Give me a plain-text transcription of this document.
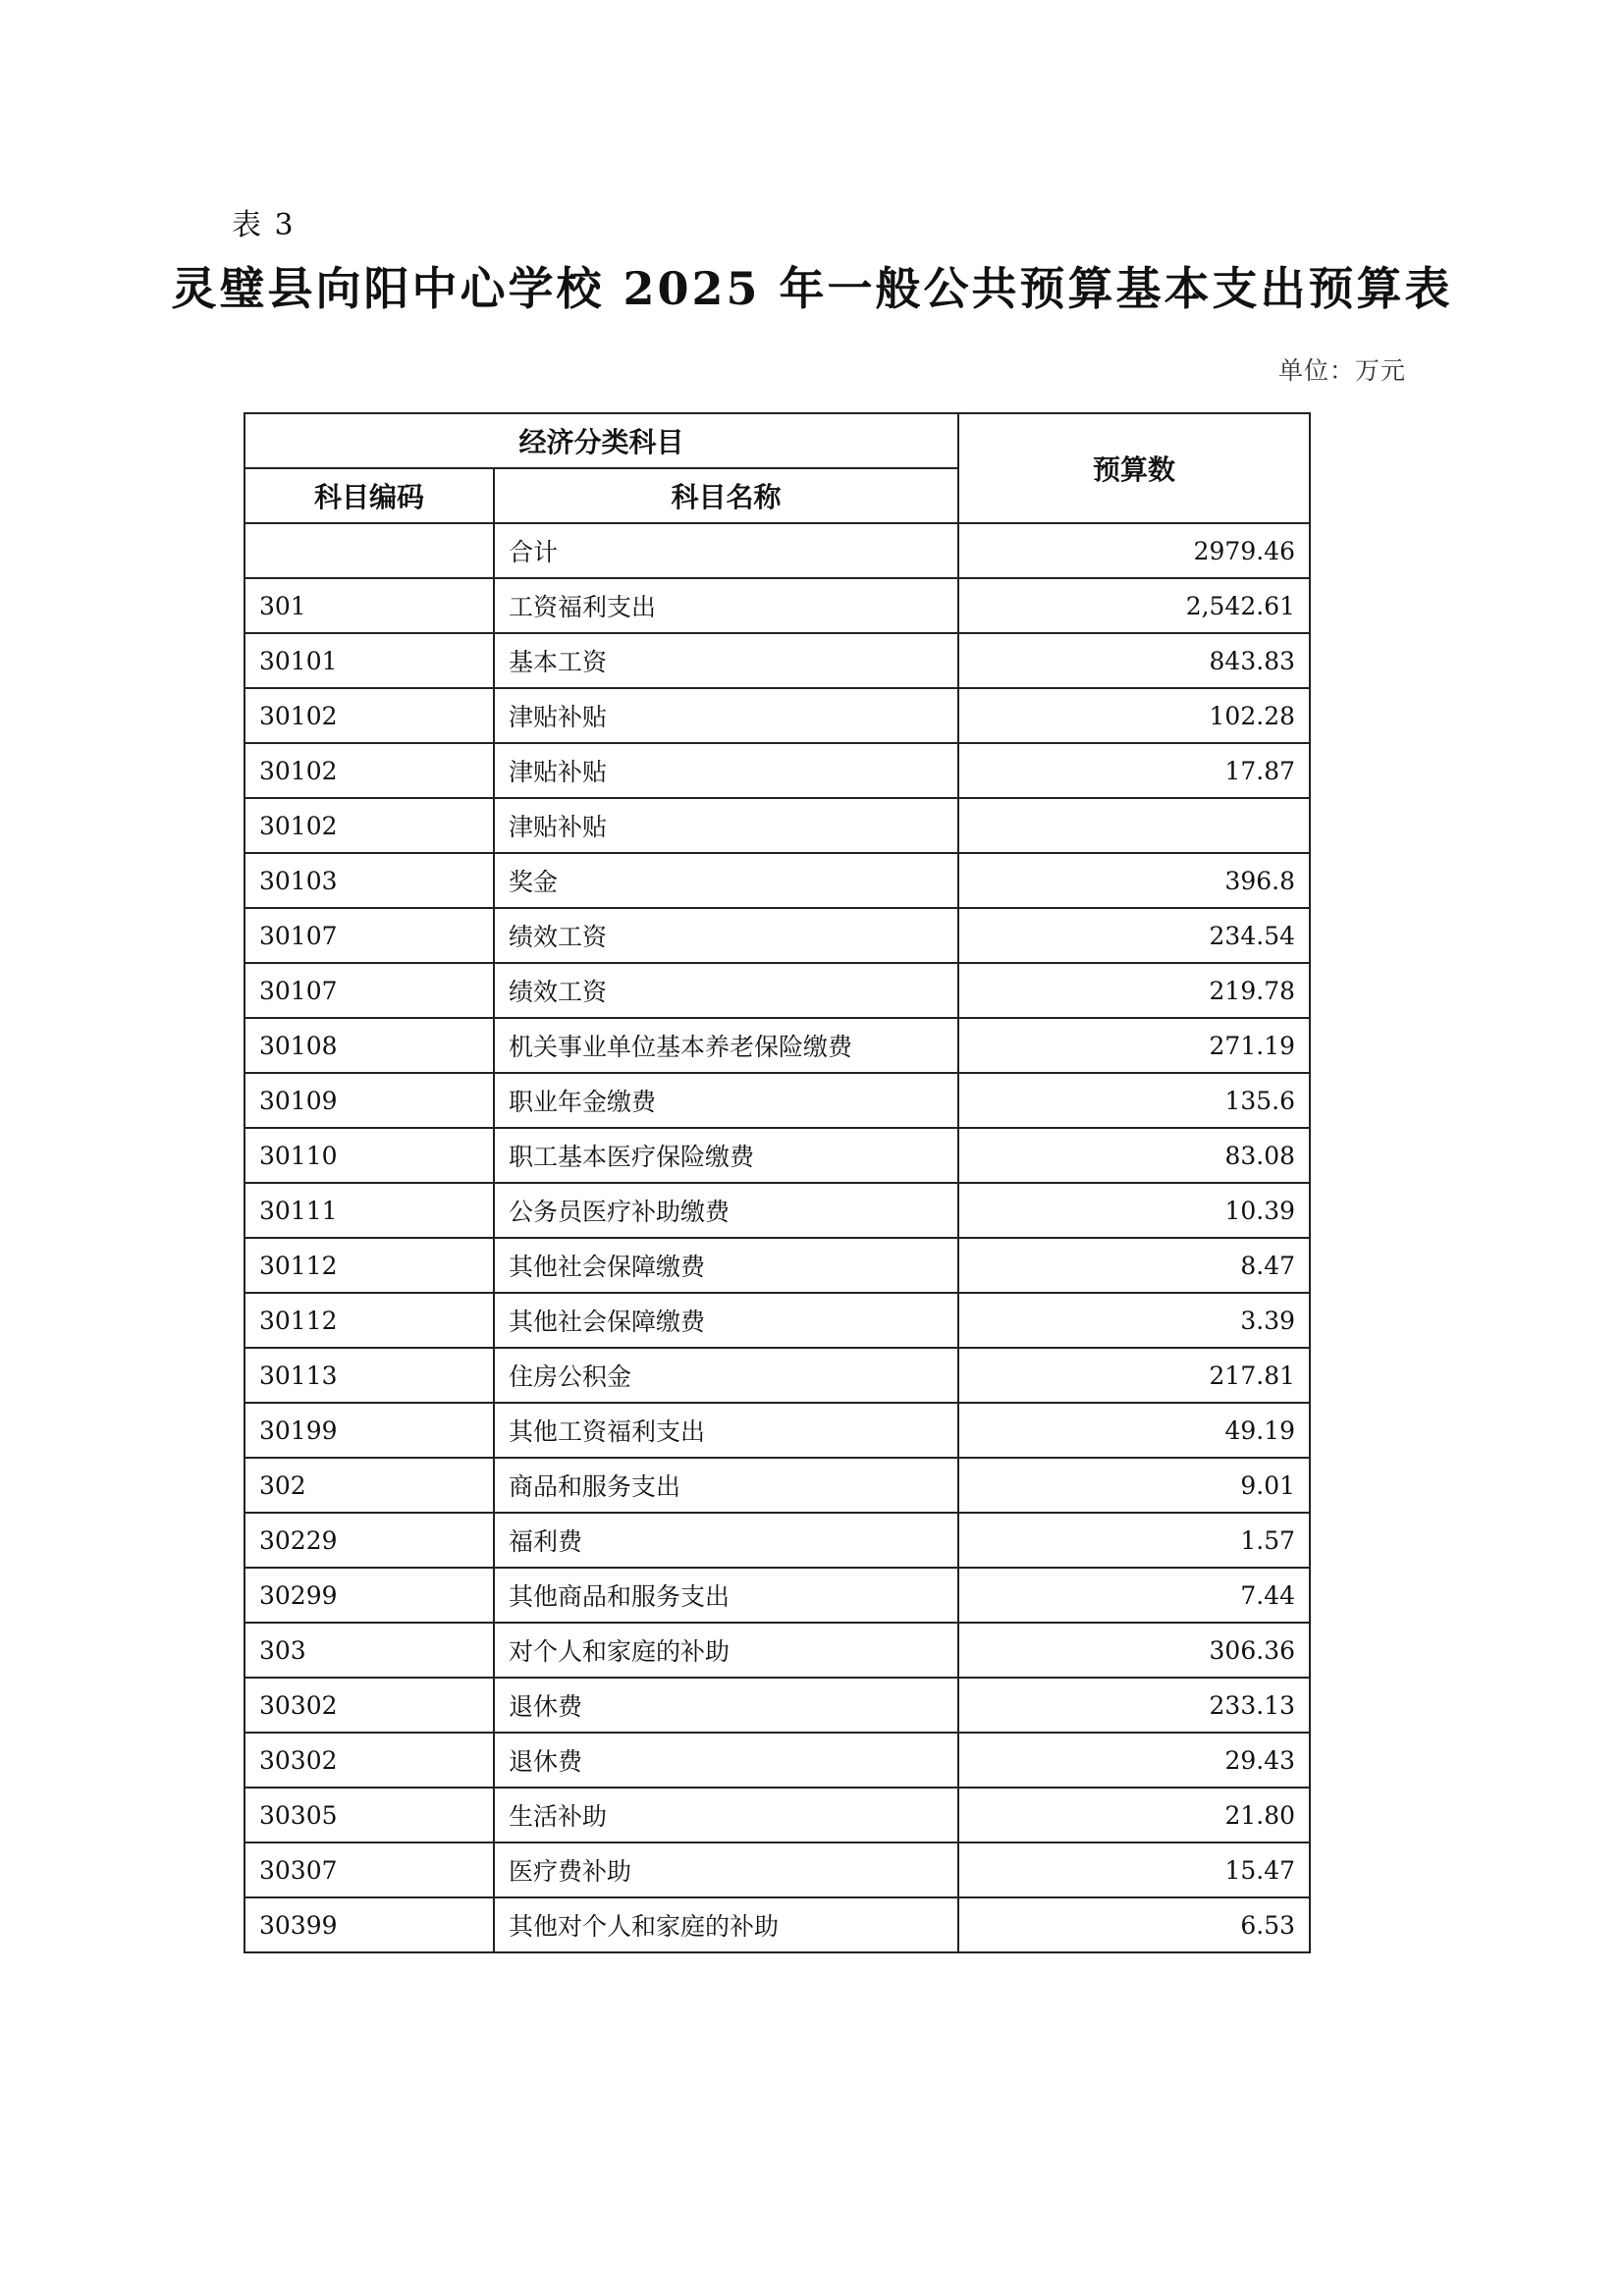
表 3
灵璧县向阳中心学校 2025 年一般公共预算基本支出预算表
单位：万元
经济分类科目		预算数
科目编码	科目名称	
	合计	2979.46
301	工资福利支出	2,542.61
30101	基本工资	843.83
30102	津贴补贴	102.28
30102	津贴补贴	17.87
30102	津贴补贴	
30103	奖金	396.8
30107	绩效工资	234.54
30107	绩效工资	219.78
30108	机关事业单位基本养老保险缴费	271.19
30109	职业年金缴费	135.6
30110	职工基本医疗保险缴费	83.08
30111	公务员医疗补助缴费	10.39
30112	其他社会保障缴费	8.47
30112	其他社会保障缴费	3.39
30113	住房公积金	217.81
30199	其他工资福利支出	49.19
302	商品和服务支出	9.01
30229	福利费	1.57
30299	其他商品和服务支出	7.44
303	对个人和家庭的补助	306.36
30302	退休费	233.13
30302	退休费	29.43
30305	生活补助	21.80
30307	医疗费补助	15.47
30399	其他对个人和家庭的补助	6.53
